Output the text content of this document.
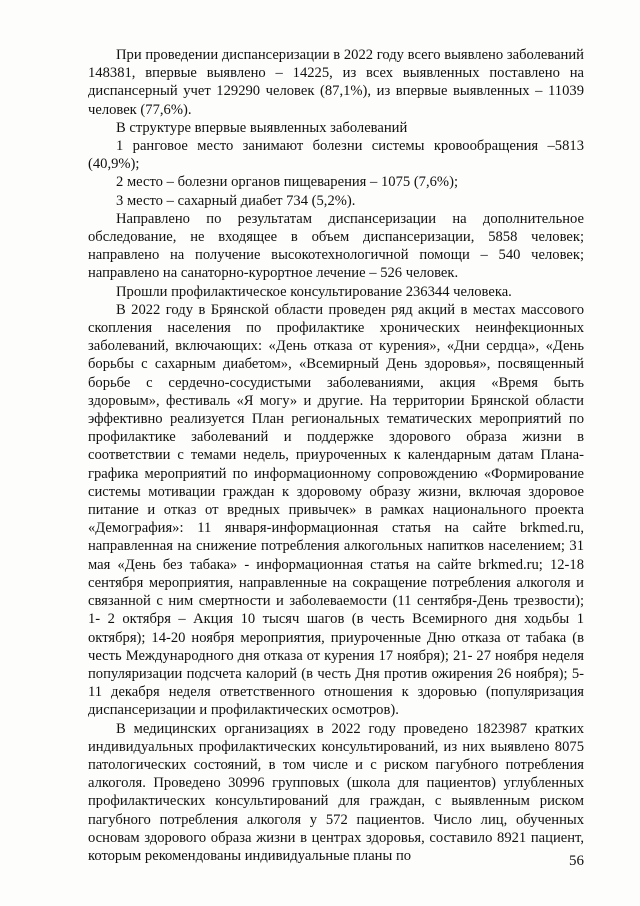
При проведении диспансеризации в 2022 году всего выявлено заболеваний 148381, впервые выявлено – 14225, из всех выявленных поставлено на диспансерный учет 129290 человек (87,1%), из впервые выявленных – 11039 человек (77,6%).

В структуре впервые выявленных заболеваний

1 ранговое место занимают болезни системы кровообращения –5813 (40,9%);

2 место – болезни органов пищеварения – 1075 (7,6%);

3 место – сахарный диабет 734 (5,2%).

Направлено по результатам диспансеризации на дополнительное обследование, не входящее в объем диспансеризации, 5858 человек; направлено на получение высокотехнологичной помощи – 540 человек; направлено на санаторно-курортное лечение – 526 человек.

Прошли профилактическое консультирование 236344 человека.

В 2022 году в Брянской области проведен ряд акций в местах массового скопления населения по профилактике хронических неинфекционных заболеваний, включающих: «День отказа от курения», «Дни сердца», «День борьбы с сахарным диабетом», «Всемирный День здоровья», посвященный борьбе с сердечно-сосудистыми заболеваниями, акция «Время быть здоровым», фестиваль «Я могу» и другие. На территории Брянской области эффективно реализуется План региональных тематических мероприятий по профилактике заболеваний и поддержке здорового образа жизни в соответствии с темами недель, приуроченных к календарным датам Плана-графика мероприятий по информационному сопровождению «Формирование системы мотивации граждан к здоровому образу жизни, включая здоровое питание и отказ от вредных привычек» в рамках национального проекта «Демография»: 11 января-информационная статья на сайте brkmed.ru, направленная на снижение потребления алкогольных напитков населением; 31 мая «День без табака» - информационная статья на сайте brkmed.ru; 12-18 сентября мероприятия, направленные на сокращение потребления алкоголя и связанной с ним смертности и заболеваемости (11 сентября-День трезвости); 1- 2 октября – Акция 10 тысяч шагов (в честь Всемирного дня ходьбы 1 октября); 14-20 ноября мероприятия, приуроченные Дню отказа от табака (в честь Международного дня отказа от курения 17 ноября); 21- 27 ноября неделя популяризации подсчета калорий (в честь Дня против ожирения 26 ноября); 5- 11 декабря неделя ответственного отношения к здоровью (популяризация диспансеризации и профилактических осмотров).

В медицинских организациях в 2022 году проведено 1823987 кратких индивидуальных профилактических консультирований, из них выявлено 8075 патологических состояний, в том числе и с риском пагубного потребления алкоголя. Проведено 30996 групповых (школа для пациентов) углубленных профилактических консультирований для граждан, с выявленным риском пагубного потребления алкоголя у 572 пациентов. Число лиц, обученных основам здорового образа жизни в центрах здоровья, составило 8921 пациент, которым рекомендованы индивидуальные планы по	56
